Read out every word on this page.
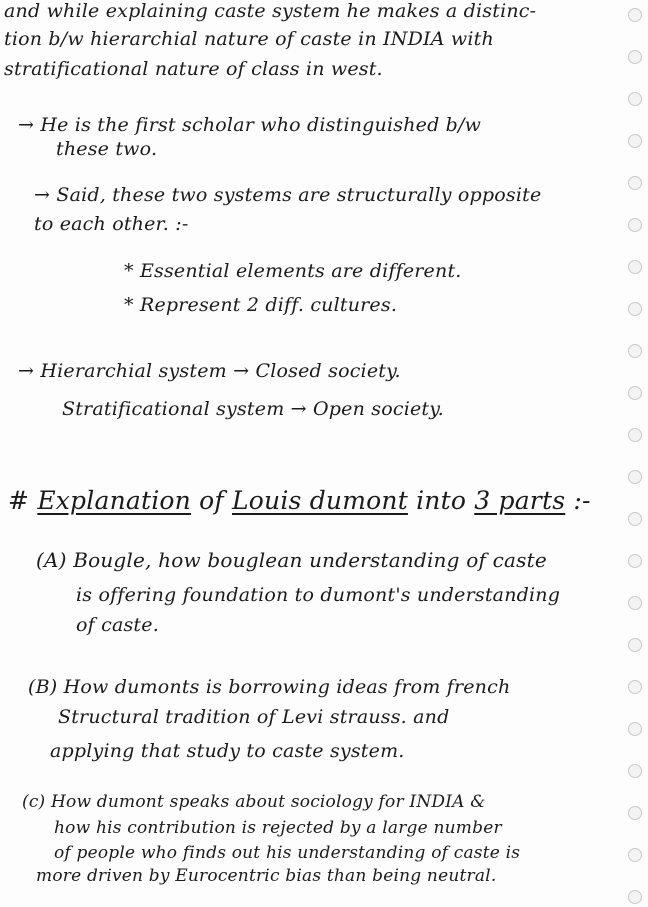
and while explaining caste system he makes a distinc-
tion b/w hierarchial nature of caste in INDIA with
stratificational nature of class in west.
→ He is the first scholar who distinguished b/w
these two.
→ Said, these two systems are structurally opposite
to each other. :-
* Essential elements are different.
* Represent 2 diff. cultures.
→ Hierarchial system → Closed society.
Stratificational system → Open society.
# Explanation of Louis dumont into 3 parts :-
(A) Bougle, how bouglean understanding of caste
is offering foundation to dumont's understanding
of caste.
(B) How dumonts is borrowing ideas from french
Structural tradition of Levi strauss. and
applying that study to caste system.
(c) How dumont speaks about sociology for INDIA &
how his contribution is rejected by a large number
of people who finds out his understanding of caste is
more driven by Eurocentric bias than being neutral.
